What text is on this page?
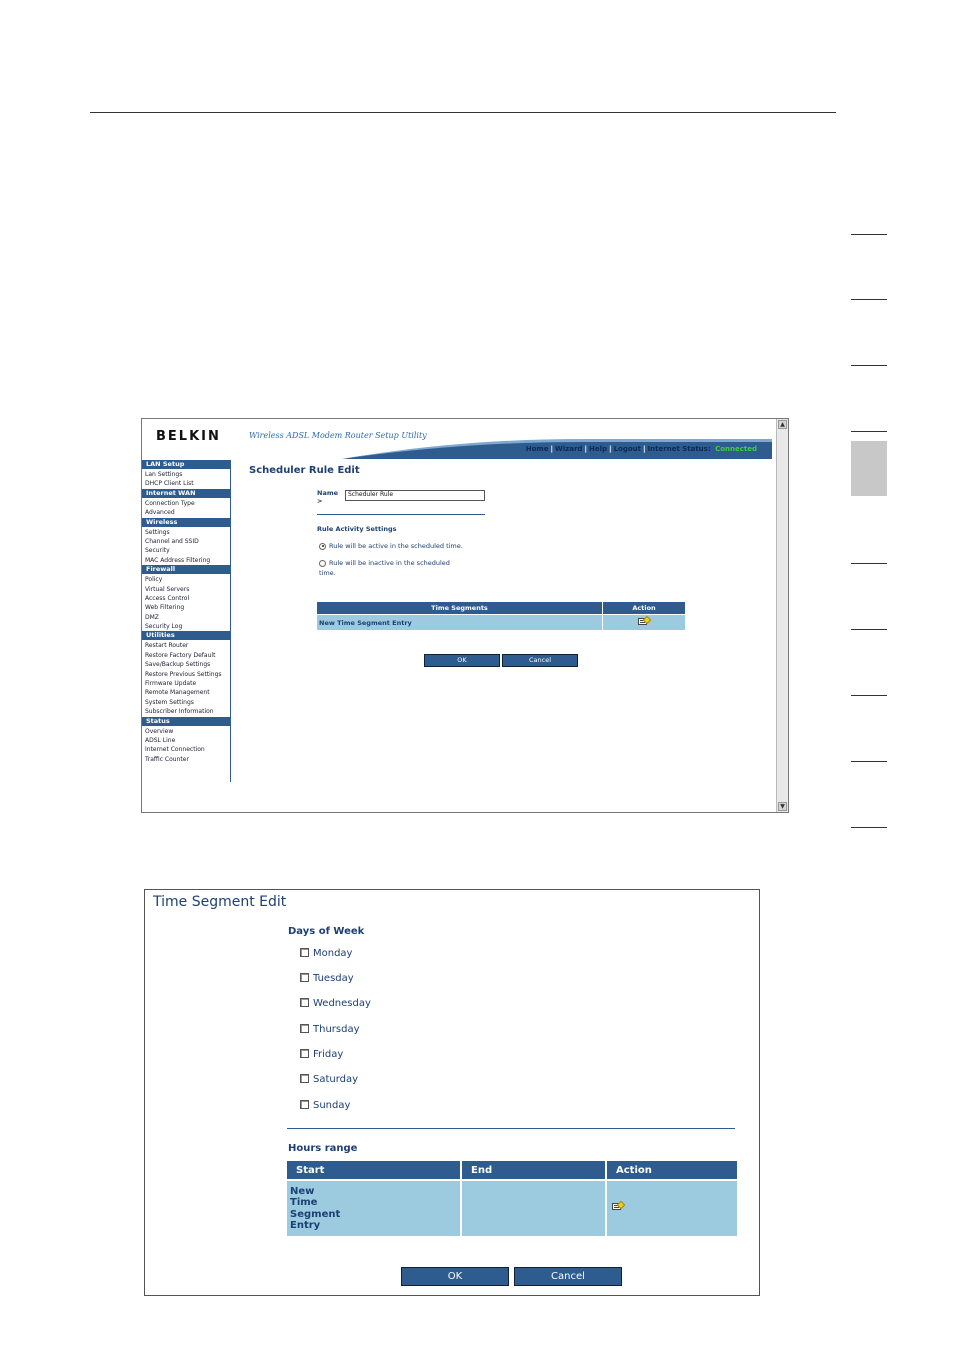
BELKIN	Wireless ADSL Modem Router Setup Utility
Home | Wizard | Help | Logout | Internet Status: Connected
LAN Setup
Lan Settings
DHCP Client List
Internet WAN
Connection Type
Advanced
Wireless
Settings
Channel and SSID
Security
MAC Address Filtering
Firewall
Policy
Virtual Servers
Access Control
Web Filtering
DMZ
Security Log
Utilities
Restart Router
Restore Factory Default
Save/Backup Settings
Restore Previous Settings
Firmware Update
Remote Management
System Settings
Subscriber Information
Status
Overview
ADSL Line
Internet Connection
Traffic Counter
Scheduler Rule Edit
Name
>
Scheduler Rule
Rule Activity Settings
Rule will be active in the scheduled time.
Rule will be inactive in the scheduled
time.
Time Segments	Action
New Time Segment Entry	
OK	Cancel
▲
▼
Time Segment Edit
Days of Week
Monday
Tuesday
Wednesday
Thursday
Friday
Saturday
Sunday
Hours range
Start	End	Action
New
Time
Segment
Entry		
OK	Cancel
